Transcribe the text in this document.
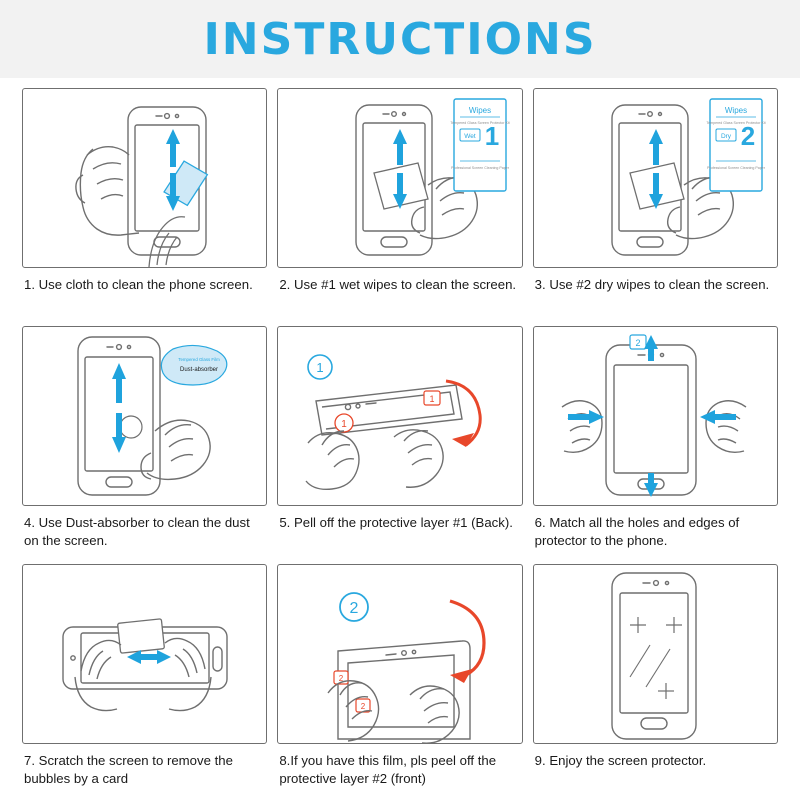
INSTRUCTIONS
1. Use cloth to clean the phone screen.
Wipes
Tempered Glass Screen Protector Kit
Wet 1
Professional Screen Cleaning Paper
2. Use #1 wet wipes to clean the screen.
Wipes
Tempered Glass Screen Protector Kit
Dry 2
Professional Screen Cleaning Paper
3. Use #2 dry wipes to clean the screen.
Tempered Glass Film
Dust-absorber
4. Use Dust-absorber to clean the dust on the screen.
1
1
1
5. Pell off the protective layer #1 (Back).
2
6. Match all the holes and edges of protector to the phone.
7. Scratch the screen to remove the bubbles by a card
2
2
2
8.If you have this film, pls peel off the protective layer #2 (front)
9. Enjoy the screen protector.
